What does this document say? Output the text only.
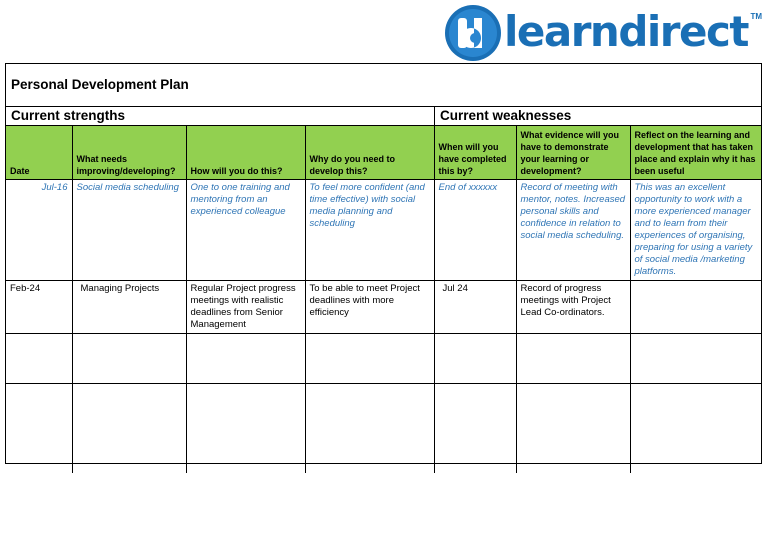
learndirect TM
Personal Development Plan
Current strengths	Current weaknesses
Date	What needs improving/developing?	How will you do this?	Why do you need to develop this?	When will you have completed this by?	What evidence will you have to demonstrate your learning or development?	Reflect on the learning and development that has taken place and explain why it has been useful
Jul-16	Social media scheduling	One to one training and mentoring from an experienced colleague	To feel more confident (and time effective) with social media planning and scheduling	End of xxxxxx	Record of meeting with mentor, notes. Increased personal skills and confidence in relation to social media scheduling.	This was an excellent opportunity to work with a more experienced manager and to learn from their experiences of organising, preparing for using a variety of social media /marketing platforms.
Feb-24	Managing Projects	Regular Project progress meetings with realistic deadlines from Senior Management	To be able to meet Project deadlines with more efficiency	Jul 24	Record of progress meetings with Project Lead Co-ordinators.	
